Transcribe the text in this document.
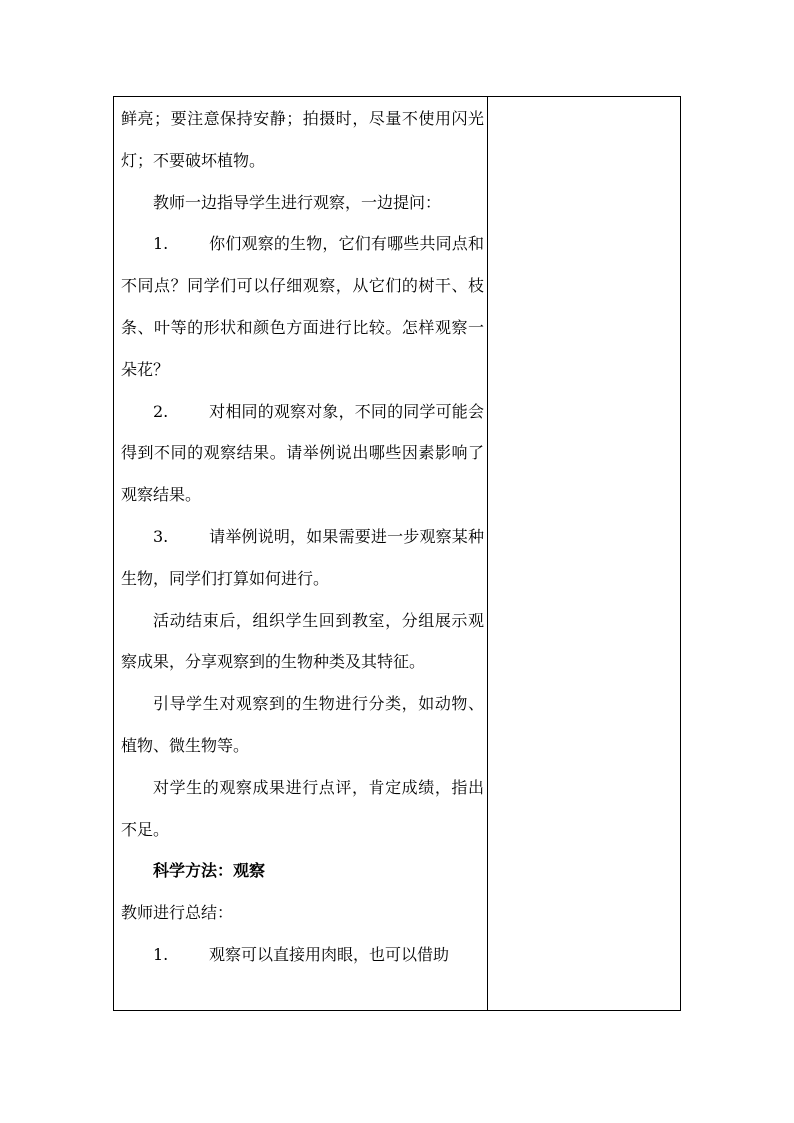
鲜亮；要注意保持安静；拍摄时，尽量不使用闪光灯；不要破坏植物。

教师一边指导学生进行观察，一边提问：

1.	你们观察的生物，它们有哪些共同点和不同点？同学们可以仔细观察，从它们的树干、枝条、叶等的形状和颜色方面进行比较。怎样观察一朵花？

2.	对相同的观察对象，不同的同学可能会得到不同的观察结果。请举例说出哪些因素影响了观察结果。

3.	请举例说明，如果需要进一步观察某种生物，同学们打算如何进行。

活动结束后，组织学生回到教室，分组展示观察成果，分享观察到的生物种类及其特征。

引导学生对观察到的生物进行分类，如动物、植物、微生物等。

对学生的观察成果进行点评，肯定成绩，指出不足。

科学方法：观察

教师进行总结：

1.	观察可以直接用肉眼，也可以借助
